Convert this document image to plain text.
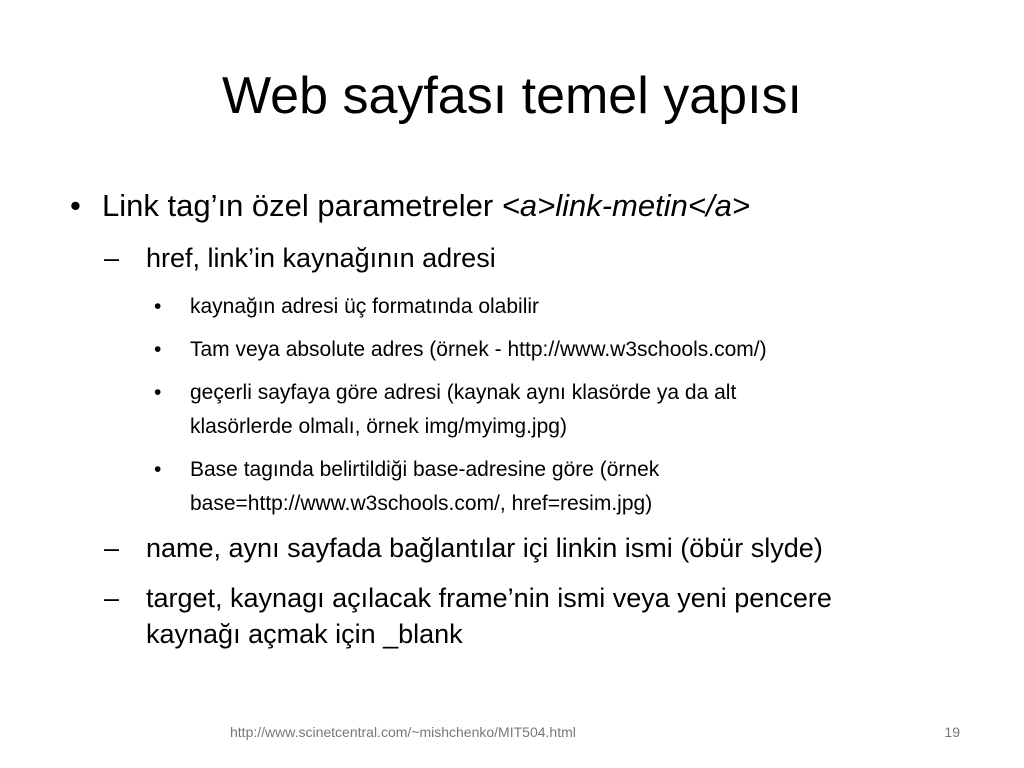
Web sayfası temel yapısı
• Link tag’ın özel parametreler <a>link-metin</a>
– href, link’in kaynağının adresi
• kaynağın adresi üç formatında olabilir
• Tam veya absolute adres (örnek - http://www.w3schools.com/)
• geçerli sayfaya göre adresi (kaynak aynı klasörde ya da alt
klasörlerde olmalı, örnek img/myimg.jpg)
• Base tagında belirtildiği base-adresine göre (örnek
base=http://www.w3schools.com/, href=resim.jpg)
– name, aynı sayfada bağlantılar içi linkin ismi (öbür slyde)
– target, kaynagı açılacak frame’nin ismi veya yeni pencere
kaynağı açmak için _blank
http://www.scinetcentral.com/~mishchenko/MIT504.html	19
